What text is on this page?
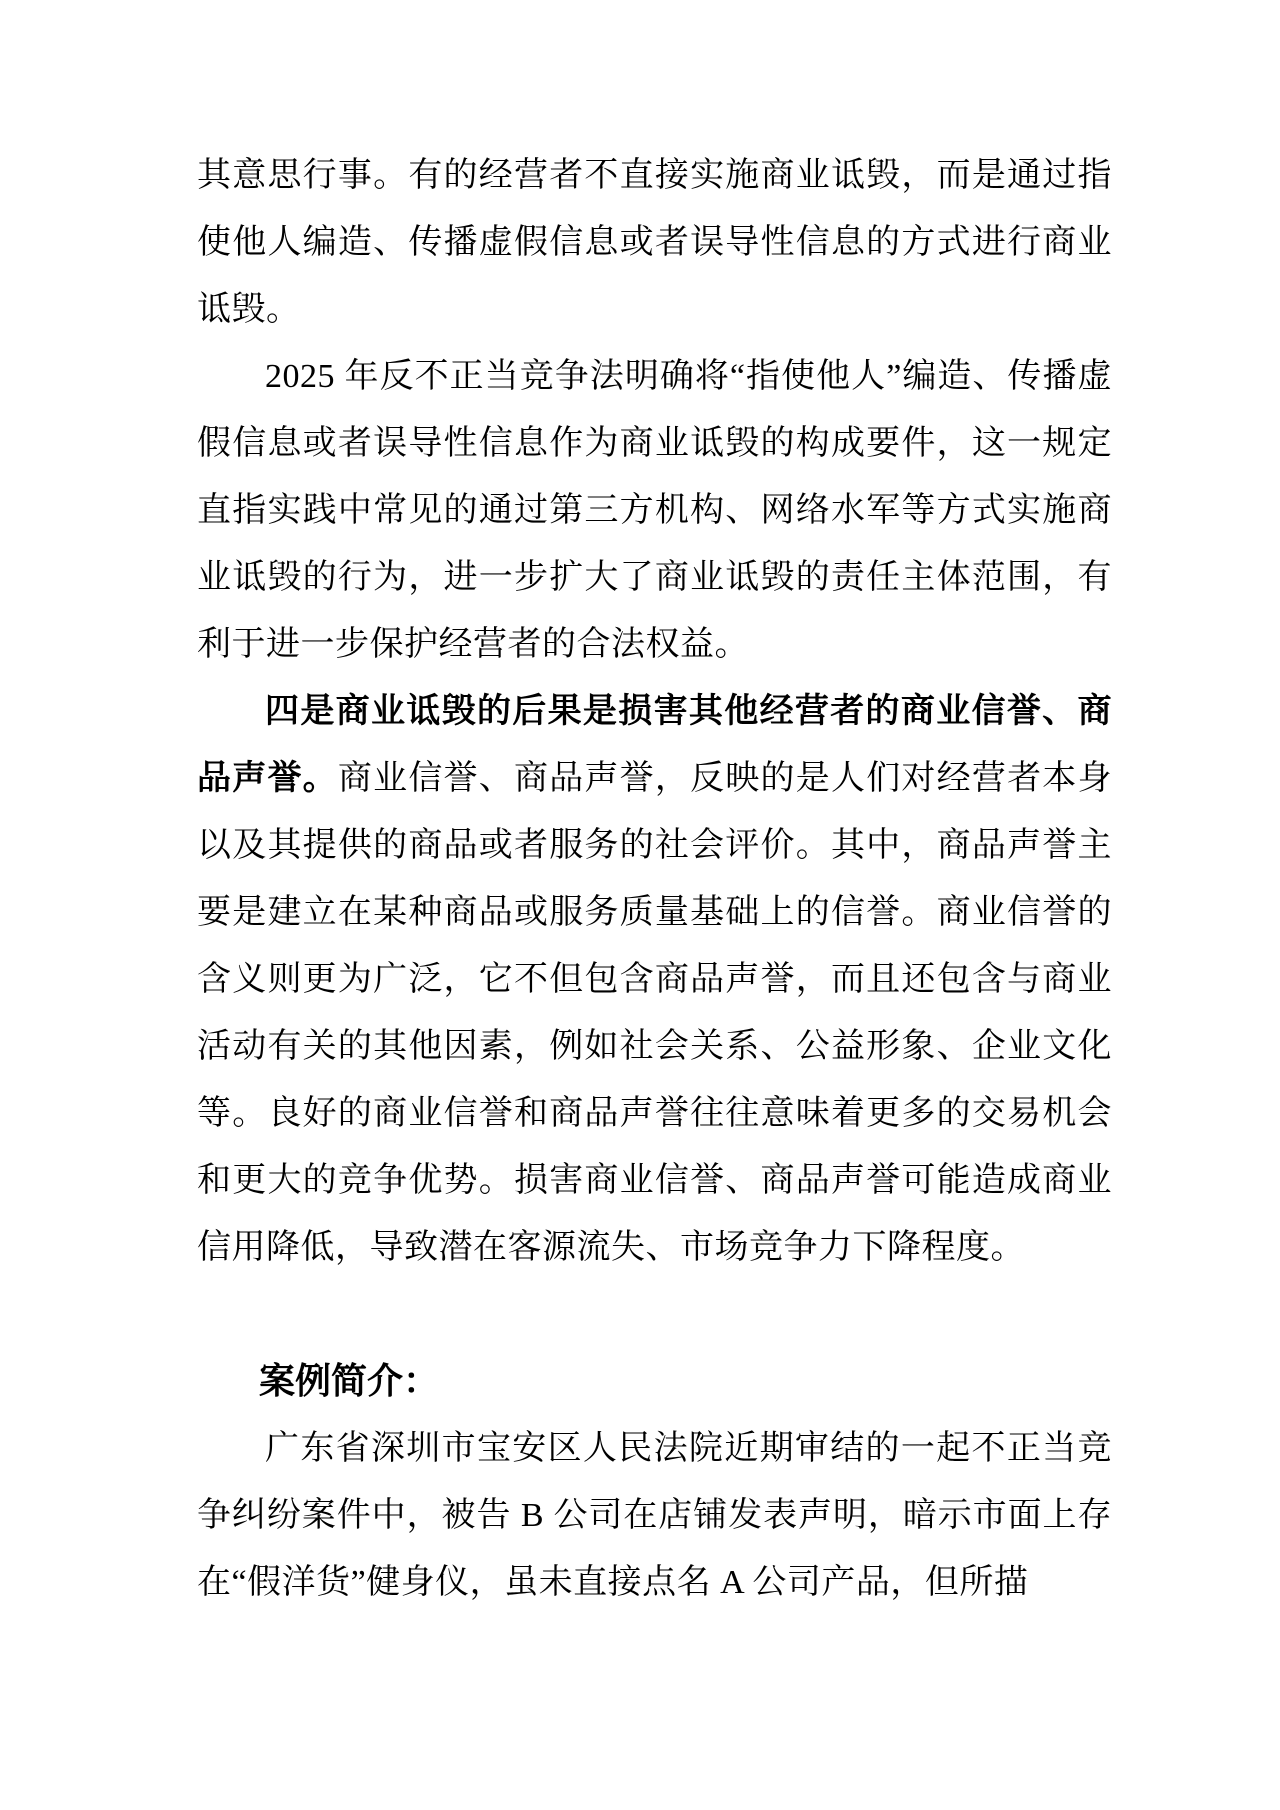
其意思行事。有的经营者不直接实施商业诋毁，而是通过指使他人编造、传播虚假信息或者误导性信息的方式进行商业诋毁。

2025 年反不正当竞争法明确将“指使他人”编造、传播虚假信息或者误导性信息作为商业诋毁的构成要件，这一规定直指实践中常见的通过第三方机构、网络水军等方式实施商业诋毁的行为，进一步扩大了商业诋毁的责任主体范围，有利于进一步保护经营者的合法权益。

四是商业诋毁的后果是损害其他经营者的商业信誉、商品声誉。商业信誉、商品声誉，反映的是人们对经营者本身以及其提供的商品或者服务的社会评价。其中，商品声誉主要是建立在某种商品或服务质量基础上的信誉。商业信誉的含义则更为广泛，它不但包含商品声誉，而且还包含与商业活动有关的其他因素，例如社会关系、公益形象、企业文化等。良好的商业信誉和商品声誉往往意味着更多的交易机会和更大的竞争优势。损害商业信誉、商品声誉可能造成商业信用降低，导致潜在客源流失、市场竞争力下降程度。

案例简介：

广东省深圳市宝安区人民法院近期审结的一起不正当竞争纠纷案件中，被告 B 公司在店铺发表声明，暗示市面上存在“假洋货”健身仪，虽未直接点名 A 公司产品，但所描
